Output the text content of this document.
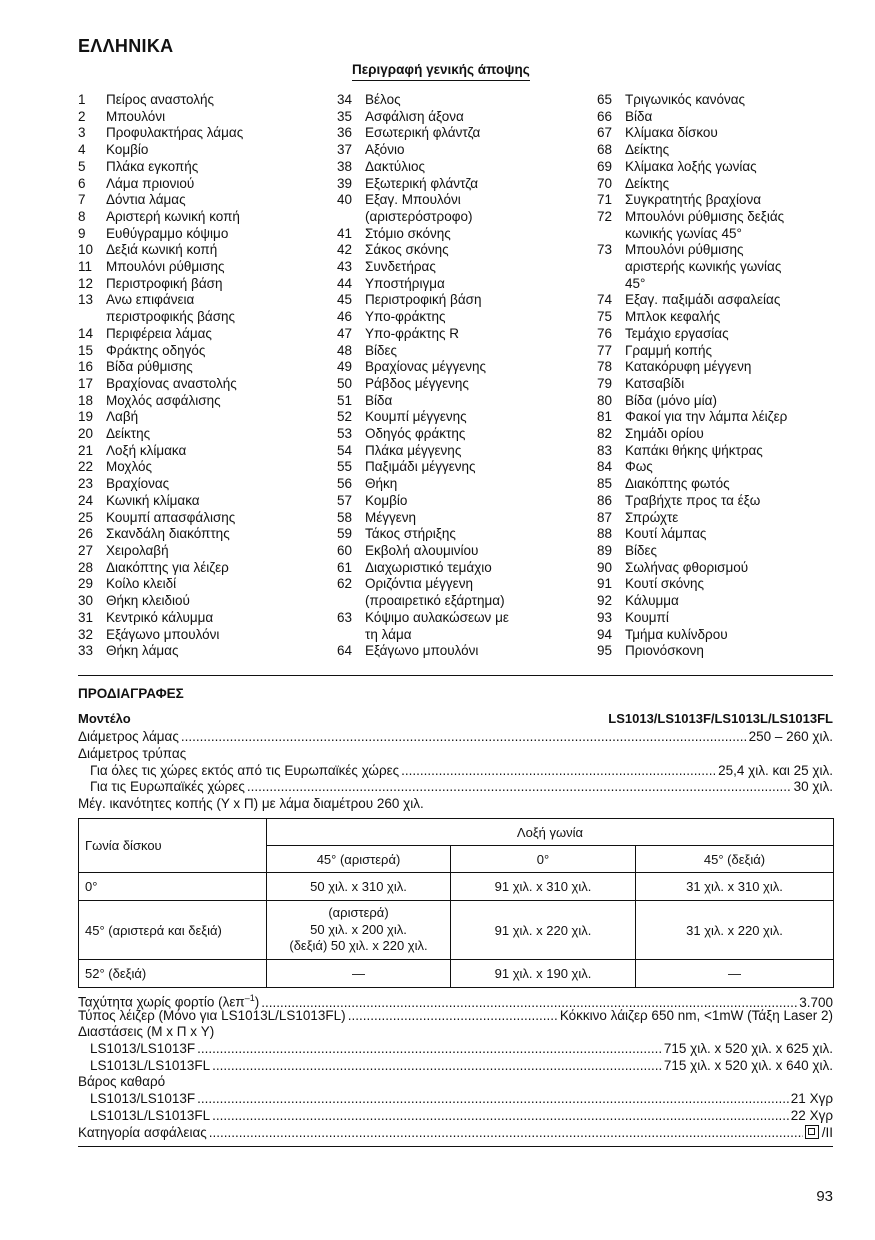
ΕΛΛΗΝΙΚΑ
Περιγραφή γενικής άποψης
1	Πείρος αναστολής
2	Μπουλόνι
3	Προφυλακτήρας λάμας
4	Κομβίο
5	Πλάκα εγκοπής
6	Λάμα πριονιού
7	Δόντια λάμας
8	Αριστερή κωνική κοπή
9	Ευθύγραμμο κόψιμο
10 Δεξιά κωνική κοπή
11	Μπουλόνι ρύθμισης
12 Περιστροφική βάση
13 Ανω επιφάνεια
περιστροφικής βάσης
14 Περιφέρεια λάμας
15 Φράκτης οδηγός
16 Βίδα ρύθμισης
17 Βραχίονας αναστολής
18 Μοχλός ασφάλισης
19 Λαβή
20 Δείκτης
21 Λοξή κλίμακα
22 Μοχλός
23 Βραχίονας
24 Κωνική κλίμακα
25 Κουμπί απασφάλισης
26 Σκανδάλη διακόπτης
27 Χειρολαβή
28 Διακόπτης για λέιζερ
29 Κοίλο κλειδί
30 Θήκη κλειδιού
31 Κεντρικό κάλυμμα
32 Εξάγωνο μπουλόνι
33 Θήκη λάμας
34 Βέλος
35 Ασφάλιση άξονα
36 Εσωτερική φλάντζα
37 Αξόνιο
38 Δακτύλιος
39 Εξωτερική φλάντζα
40 Εξαγ. Μπουλόνι
(αριστερόστροφο)
41 Στόμιο σκόνης
42 Σάκος σκόνης
43 Συνδετήρας
44 Υποστήριγμα
45 Περιστροφική βάση
46 Υπο-φράκτης
47 Υπο-φράκτης R
48 Βίδες
49 Βραχίονας μέγγενης
50 Ράβδος μέγγενης
51 Βίδα
52 Κουμπί μέγγενης
53 Οδηγός φράκτης
54 Πλάκα μέγγενης
55 Παξιμάδι μέγγενης
56 Θήκη
57 Κομβίο
58 Μέγγενη
59 Τάκος στήριξης
60 Εκβολή αλουμινίου
61 Διαχωριστικό τεμάχιο
62 Οριζόντια μέγγενη
(προαιρετικό εξάρτημα)
63 Κόψιμο αυλακώσεων με
τη λάμα
64 Εξάγωνο μπουλόνι
65 Τριγωνικός κανόνας
66 Βίδα
67 Κλίμακα δίσκου
68 Δείκτης
69 Κλίμακα λοξής γωνίας
70 Δείκτης
71 Συγκρατητής βραχίονα
72 Μπουλόνι ρύθμισης δεξιάς
κωνικής γωνίας 45°
73 Μπουλόνι ρύθμισης
αριστερής κωνικής γωνίας
45°
74 Εξαγ. παξιμάδι ασφαλείας
75 Μπλοκ κεφαλής
76 Τεμάχιο εργασίας
77 Γραμμή κοπής
78 Κατακόρυφη μέγγενη
79 Κατσαβίδι
80 Βίδα (μόνο μία)
81 Φακοί για την λάμπα λέιζερ
82 Σημάδι ορίου
83 Καπάκι θήκης ψήκτρας
84 Φως
85 Διακόπτης φωτός
86 Τραβήχτε προς τα έξω
87 Σπρώχτε
88 Κουτί λάμπας
89 Βίδες
90 Σωλήνας φθορισμού
91 Κουτί σκόνης
92 Κάλυμμα
93 Κουμπί
94 Τμήμα κυλίνδρου
95 Πριονόσκονη
ΠΡΟΔΙΑΓΡΑΦΕΣ
Μοντέλο	LS1013/LS1013F/LS1013L/LS1013FL
Διάμετρος λάμας .....	250 – 260 χιλ.
Διάμετρος τρύπας
Για όλες τις χώρες εκτός από τις Ευρωπαϊκές χώρες .....	25,4 χιλ. και 25 χιλ.
Για τις Ευρωπαϊκές χώρες .....	30 χιλ.
Μέγ. ικανότητες κοπής (Υ x Π) με λάμα διαμέτρου 260 χιλ.
Γωνία δίσκου	Λοξή γωνία		
	45° (αριστερά)	0°	45° (δεξιά)
0°	50 χιλ. x 310 χιλ.	91 χιλ. x 310 χιλ.	31 χιλ. x 310 χιλ.
45° (αριστερά και δεξιά)	(αριστερά)
50 χιλ. x 200 χιλ.
(δεξιά) 50 χιλ. x 220 χιλ.	91 χιλ. x 220 χιλ.	31 χιλ. x 220 χιλ.
52° (δεξιά)	—	91 χιλ. x 190 χιλ.	—
Ταχύτητα χωρίς φορτίο (λεπ$^{-1}$) .....	3.700
Τύπος λέιζερ (Μόνο για LS1013L/LS1013FL) .....	Κόκκινο λάιζερ 650 nm, <1mW (Τάξη Laser 2)
Διαστάσεις (Μ x Π x Υ)
LS1013/LS1013F .....	715 χιλ. x 520 χιλ. x 625 χιλ.
LS1013L/LS1013FL .....	715 χιλ. x 520 χιλ. x 640 χιλ.
Βάρος καθαρό
LS1013/LS1013F .....	21 Χγρ
LS1013L/LS1013FL .....	22 Χγρ
Κατηγορία ασφάλειας .....	/II
93
